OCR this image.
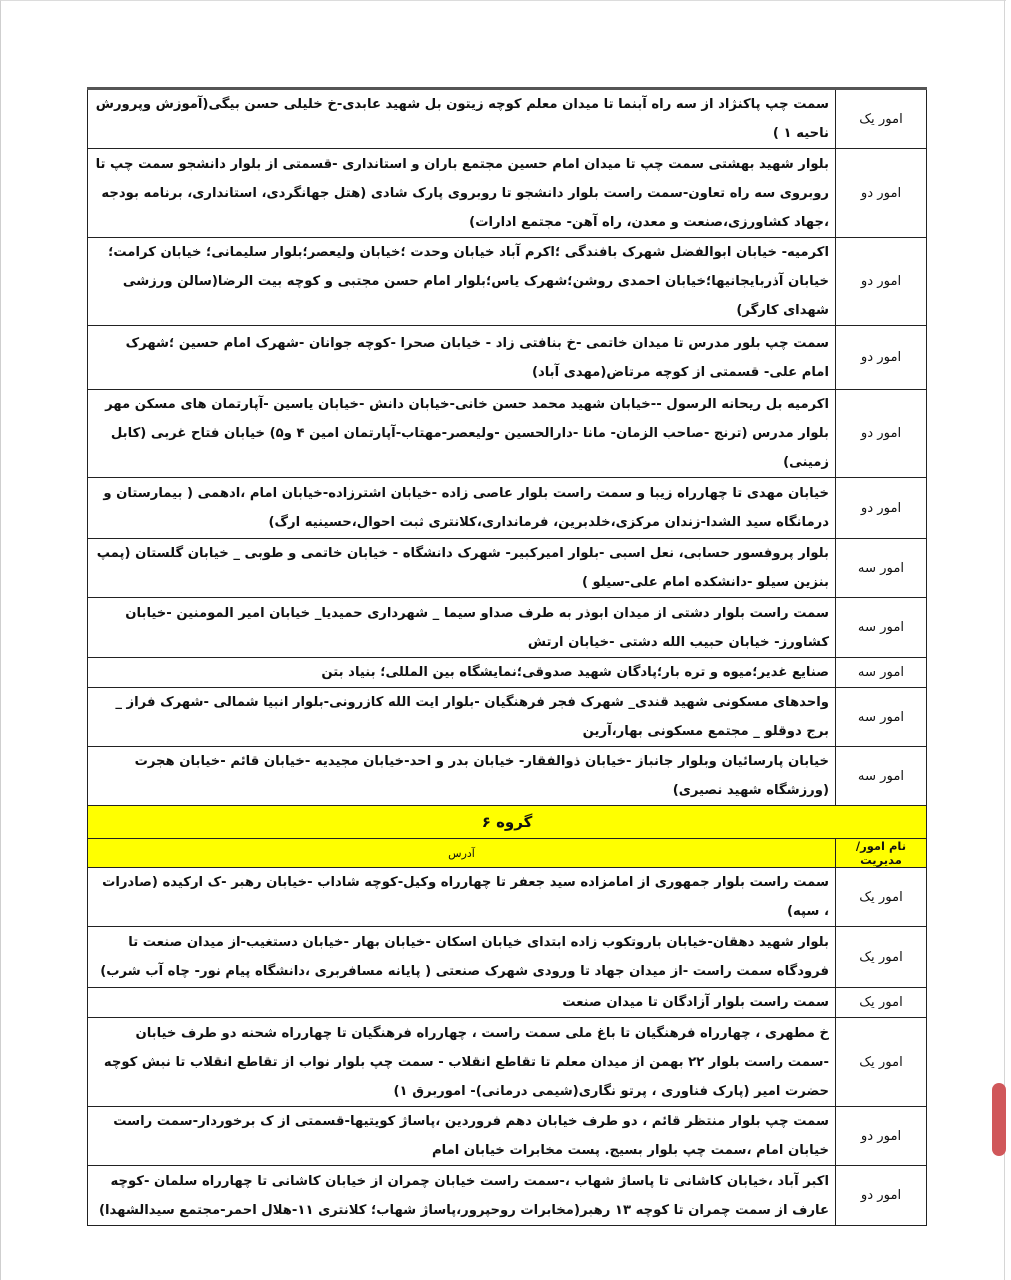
امور یک	سمت چپ پاکنژاد از سه راه آبنما تا میدان معلم کوچه زیتون بل شهید عابدی-خ خلیلی حسن بیگی(آموزش وپرورش ناحیه ۱ )
امور دو	بلوار شهید بهشتی سمت چپ تا میدان امام حسین مجتمع باران و استانداری -قسمتی از بلوار دانشجو سمت چپ تا روبروی سه راه تعاون-سمت راست بلوار دانشجو تا روبروی پارک شادی (هتل جهانگردی، استانداری، برنامه بودجه ،جهاد کشاورزی،صنعت و معدن، راه آهن- مجتمع ادارات)
امور دو	اکرمیه- خیابان ابوالفضل شهرک بافندگی ؛اکرم آباد خیابان وحدت ؛خیابان ولیعصر؛بلوار سلیمانی؛ خیابان کرامت؛خیابان آذربایجانیها؛خیابان احمدی روشن؛شهرک یاس؛بلوار امام حسن مجتبی و کوچه بیت الرضا(سالن ورزشی شهدای کارگر)
امور دو	سمت چپ بلور مدرس تا میدان خاتمی -خ بنافتی زاد - خیابان صحرا -کوچه جوانان -شهرک امام حسین ؛شهرک امام علی- قسمتی از کوچه مرتاض(مهدی آباد)
امور دو	اکرمیه بل ریحانه الرسول --خیابان شهید محمد حسن خانی-خیابان دانش -خیابان یاسین -آپارتمان های مسکن مهر بلوار مدرس (ترنج -صاحب الزمان- مانا -دارالحسین -ولیعصر-مهتاب-آپارتمان امین ۴ و۵) خیابان فتاح غربی (کابل زمینی)
امور دو	خیابان مهدی تا چهارراه زیبا و سمت راست بلوار عاصی زاده -خیابان اشترزاده-خیابان امام ،ادهمی ( بیمارستان و درمانگاه سید الشدا-زندان مرکزی،خلدبرین، فرمانداری،کلانتری ثبت احوال،حسینیه ارگ)
امور سه	بلوار پروفسور حسابی، نعل اسبی -بلوار امیرکبیر- شهرک دانشگاه - خیابان خاتمی و طوبی _ خیابان گلستان (پمپ بنزین سیلو -دانشکده امام علی-سیلو )
امور سه	سمت راست بلوار دشتی از میدان ابوذر به طرف صداو سیما _ شهرداری حمیدیا_ خیابان امیر المومنین -خیابان کشاورز- خیابان حبیب الله دشتی -خیابان ارتش
امور سه	صنایع غدیر؛میوه و تره بار؛پادگان شهید صدوقی؛نمایشگاه بین المللی؛ بنیاد بتن
امور سه	واحدهای مسکونی شهید قندی_ شهرک فجر فرهنگیان -بلوار ایت الله کازرونی-بلوار انبیا شمالی -شهرک فراز _ برج دوقلو _ مجتمع مسکونی بهار،آرین
امور سه	خیابان پارسائیان وبلوار جانباز -خیابان ذوالفقار- خیابان بدر و احد-خیابان مجیدیه -خیابان قائم -خیابان هجرت (ورزشگاه شهید نصیری)
گروه ۶	
نام امور/مدیریت	آدرس
امور یک	سمت راست بلوار جمهوری از امامزاده سید جعفر تا چهارراه وکیل-کوچه شاداب -خیابان رهبر -ک ارکیده (صادرات ، سپه)
امور یک	بلوار شهید دهقان-خیابان باروتکوب زاده ابتدای خیابان اسکان -خیابان بهار -خیابان دستغیب-از میدان صنعت تا فرودگاه سمت راست -از میدان جهاد تا ورودی شهرک صنعتی ( پایانه مسافربری ،دانشگاه پیام نور- چاه آب شرب)
امور یک	سمت راست بلوار آزادگان تا میدان صنعت
امور یک	خ مطهری ، چهارراه فرهنگیان تا باغ ملی سمت راست ، چهارراه فرهنگیان تا چهارراه شحنه دو طرف خیابان -سمت راست بلوار ۲۲ بهمن از میدان معلم تا تقاطع انقلاب - سمت چپ بلوار نواب از تقاطع انقلاب تا نبش کوچه حضرت امیر (پارک فناوری ، پرتو نگاری(شیمی درمانی)- اموربرق ۱)
امور دو	سمت چپ بلوار منتظر قائم ، دو طرف خیابان دهم فروردین ،پاساژ کویتیها-قسمتی از ک برخوردار-سمت راست خیابان امام ،سمت چپ بلوار بسیج. پست مخابرات خیابان امام
امور دو	اکبر آباد ،خیابان کاشانی تا پاساژ شهاب ،-سمت راست خیابان چمران از خیابان کاشانی تا چهارراه سلمان -کوچه عارف از سمت چمران تا کوچه ۱۳ رهبر(مخابرات روحپرور،پاساژ شهاب؛ کلانتری ۱۱-هلال احمر-مجتمع سیدالشهدا)
